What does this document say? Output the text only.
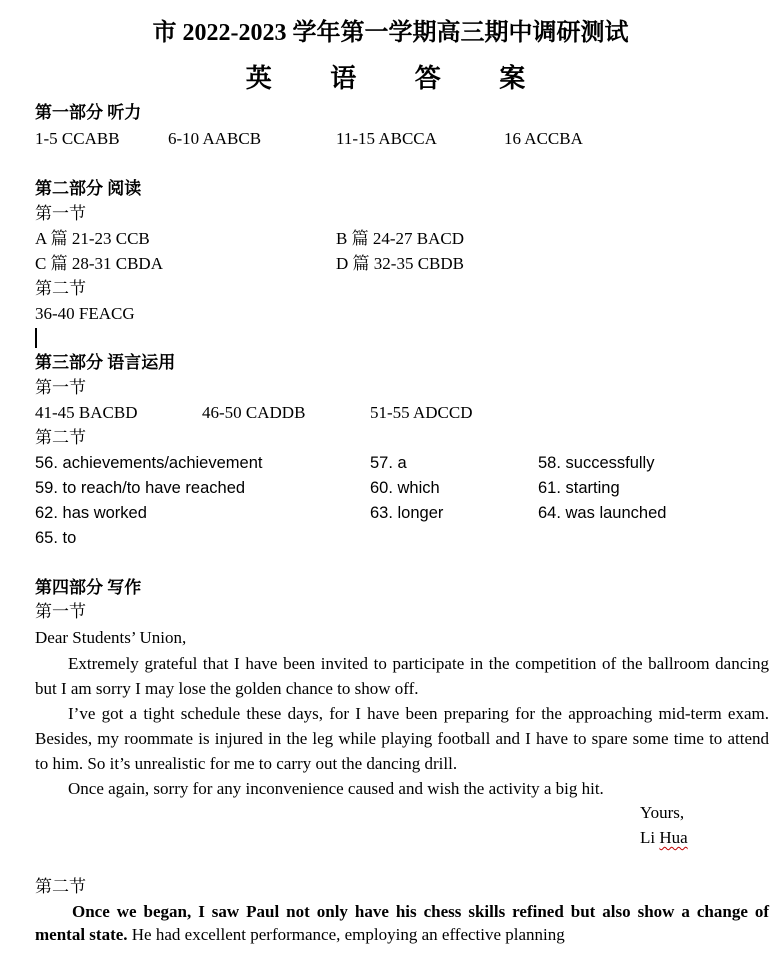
市 2022-2023 学年第一学期高三期中调研测试
英 语 答 案
第一部分 听力
1-5 CCABB	6-10 AABCB	11-15 ABCCA	16 ACCBA
第二部分 阅读
第一节
A 篇 21-23 CCB	B 篇 24-27 BACD
C 篇 28-31 CBDA	D 篇 32-35 CBDB
第二节
36-40 FEACG
第三部分 语言运用
第一节
41-45 BACBD	46-50 CADDB	51-55 ADCCD
第二节
56. achievements/achievement	57. a	58. successfully
59. to reach/to have reached	60. which	61. starting
62. has worked	63. longer	64. was launched
65. to
第四部分 写作
第一节
Dear Students’ Union,
Extremely grateful that I have been invited to participate in the competition of the ballroom dancing but I am sorry I may lose the golden chance to show off.
I’ve got a tight schedule these days, for I have been preparing for the approaching mid-term exam. Besides, my roommate is injured in the leg while playing football and I have to spare some time to attend to him. So it’s unrealistic for me to carry out the dancing drill.
Once again, sorry for any inconvenience caused and wish the activity a big hit.
Yours,
Li Hua
第二节
Once we began, I saw Paul not only have his chess skills refined but also show a change of mental state. He had excellent performance, employing an effective planning
